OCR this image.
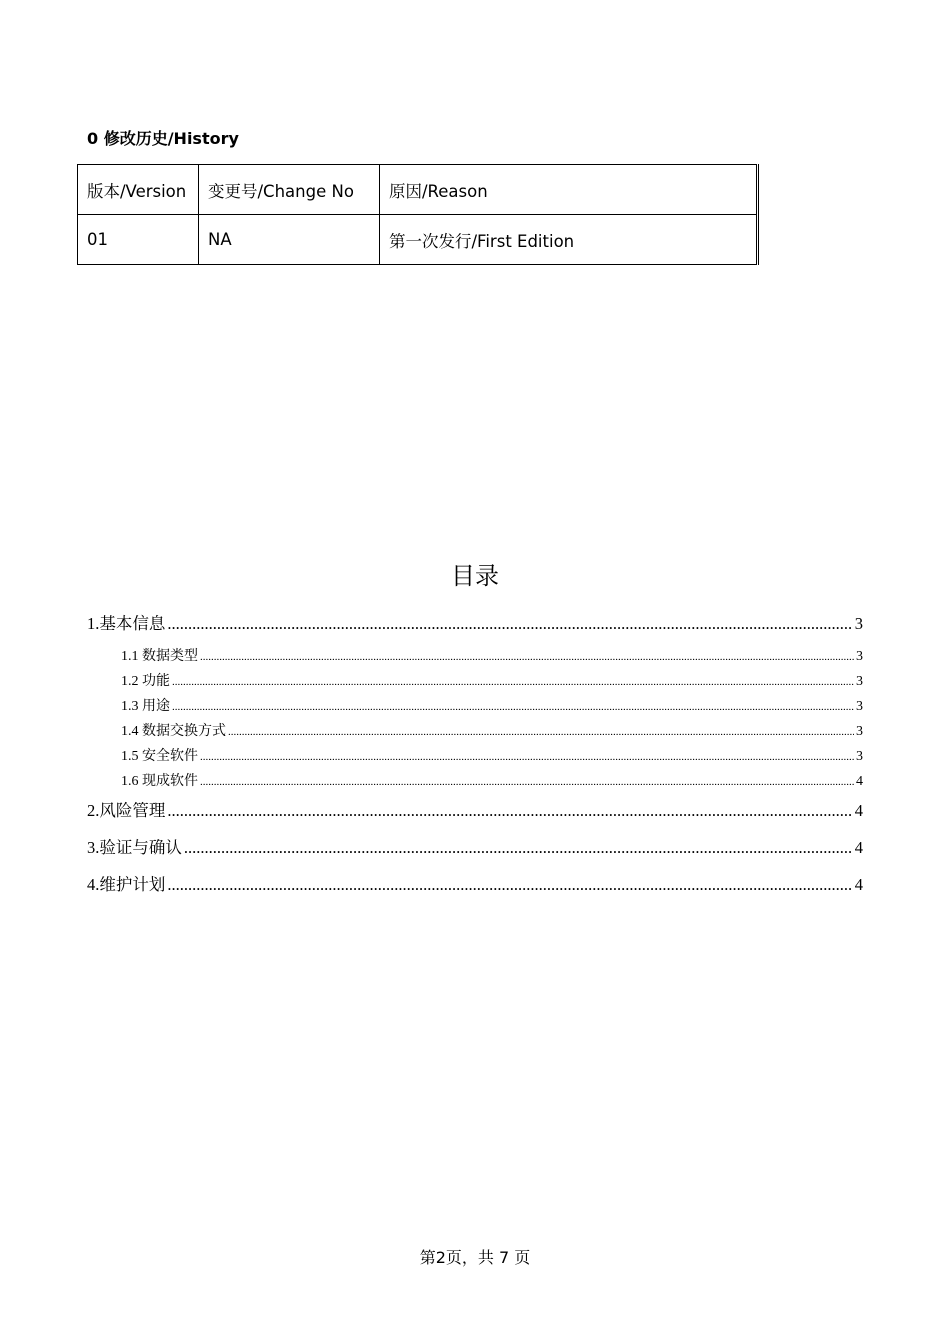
0 修改历史/History
版本/Version	变更号/Change No	原因/Reason
01	NA	第一次发行/First Edition
目录
1.基本信息 .....	3
1.1 数据类型 .....	3
1.2 功能 .....	3
1.3 用途 .....	3
1.4 数据交换方式 .....	3
1.5 安全软件 .....	3
1.6 现成软件 .....	4
2.风险管理 .....	4
3.验证与确认 .....	4
4.维护计划 .....	4
第2页，共 7 页
